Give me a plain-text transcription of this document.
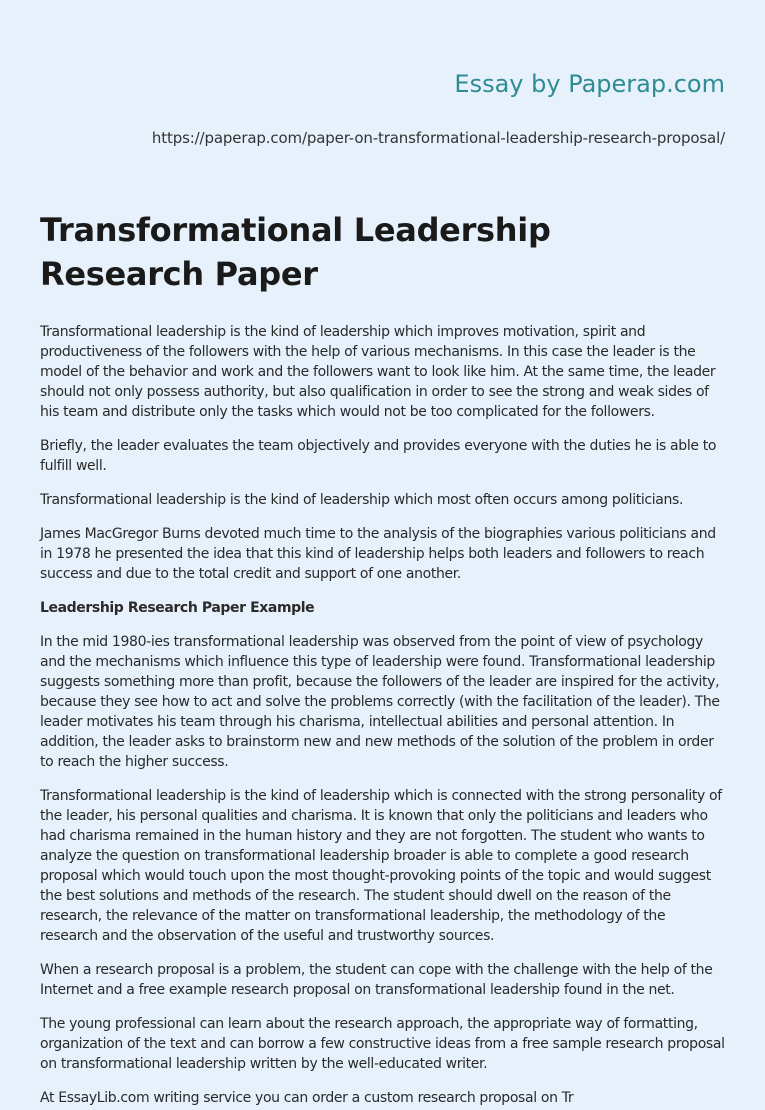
Essay by Paperap.com
https://paperap.com/paper-on-transformational-leadership-research-proposal/
Transformational Leadership Research Paper

Transformational leadership is the kind of leadership which improves motivation, spirit and productiveness of the followers with the help of various mechanisms. In this case the leader is the model of the behavior and work and the followers want to look like him. At the same time, the leader should not only possess authority, but also qualification in order to see the strong and weak sides of his team and distribute only the tasks which would not be too complicated for the followers.

Briefly, the leader evaluates the team objectively and provides everyone with the duties he is able to fulfill well.

Transformational leadership is the kind of leadership which most often occurs among politicians.

James MacGregor Burns devoted much time to the analysis of the biographies various politicians and in 1978 he presented the idea that this kind of leadership helps both leaders and followers to reach success and due to the total credit and support of one another.

Leadership Research Paper Example

In the mid 1980-ies transformational leadership was observed from the point of view of psychology and the mechanisms which influence this type of leadership were found. Transformational leadership suggests something more than profit, because the followers of the leader are inspired for the activity, because they see how to act and solve the problems correctly (with the facilitation of the leader). The leader motivates his team through his charisma, intellectual abilities and personal attention. In addition, the leader asks to brainstorm new and new methods of the solution of the problem in order to reach the higher success.

Transformational leadership is the kind of leadership which is connected with the strong personality of the leader, his personal qualities and charisma. It is known that only the politicians and leaders who had charisma remained in the human history and they are not forgotten. The student who wants to analyze the question on transformational leadership broader is able to complete a good research proposal which would touch upon the most thought-provoking points of the topic and would suggest the best solutions and methods of the research. The student should dwell on the reason of the research, the relevance of the matter on transformational leadership, the methodology of the research and the observation of the useful and trustworthy sources.

When a research proposal is a problem, the student can cope with the challenge with the help of the Internet and a free example research proposal on transformational leadership found in the net.

The young professional can learn about the research approach, the appropriate way of formatting, organization of the text and can borrow a few constructive ideas from a free sample research proposal on transformational leadership written by the well-educated writer.

At EssayLib.com writing service you can order a custom research proposal on Tr
